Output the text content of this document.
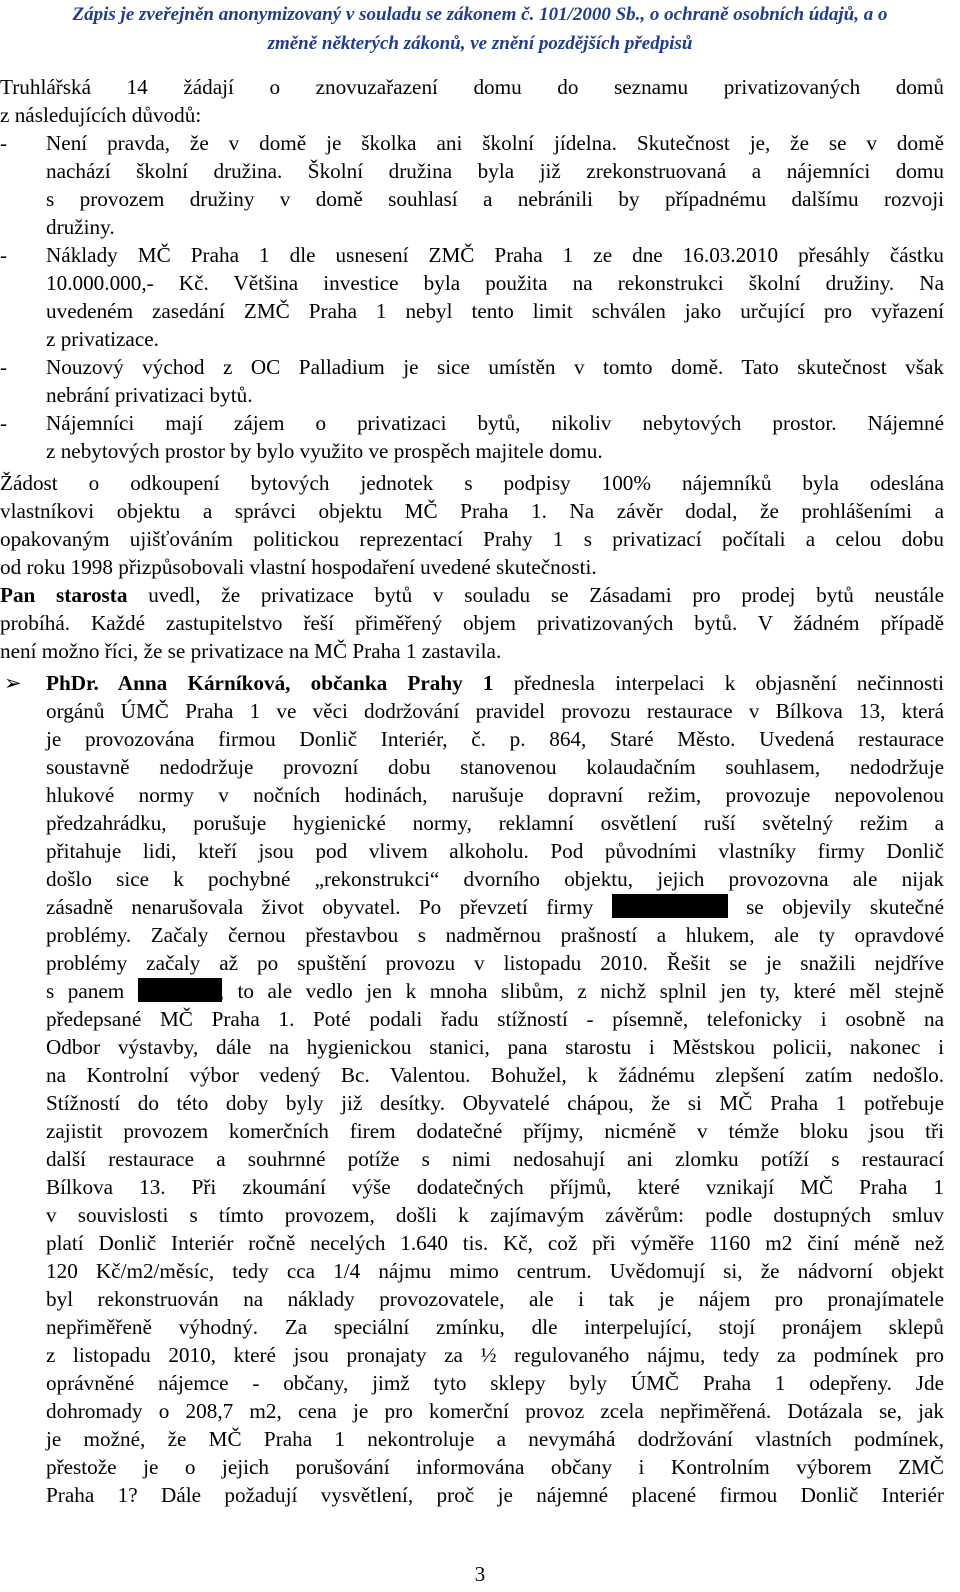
Zápis je zveřejněn anonymizovaný v souladu se zákonem č. 101/2000 Sb., o ochraně osobních údajů, a o
změně některých zákonů, ve znění pozdějších předpisů
Truhlářská 14 žádají o znovuzařazení domu do seznamu privatizovaných domů
z následujících důvodů:
- Není pravda, že v domě je školka ani školní jídelna. Skutečnost je, že se v domě
nachází školní družina. Školní družina byla již zrekonstruovaná a nájemníci domu
s provozem družiny v domě souhlasí a nebránili by případnému dalšímu rozvoji
družiny.
- Náklady MČ Praha 1 dle usnesení ZMČ Praha 1 ze dne 16.03.2010 přesáhly částku
10.000.000,- Kč. Většina investice byla použita na rekonstrukci školní družiny. Na
uvedeném zasedání ZMČ Praha 1 nebyl tento limit schválen jako určující pro vyřazení
z privatizace.
- Nouzový východ z OC Palladium je sice umístěn v tomto domě. Tato skutečnost však
nebrání privatizaci bytů.
- Nájemníci mají zájem o privatizaci bytů, nikoliv nebytových prostor. Nájemné
z nebytových prostor by bylo využito ve prospěch majitele domu.
Žádost o odkoupení bytových jednotek s podpisy 100% nájemníků byla odeslána
vlastníkovi objektu a správci objektu MČ Praha 1. Na závěr dodal, že prohlášeními a
opakovaným ujišťováním politickou reprezentací Prahy 1 s privatizací počítali a celou dobu
od roku 1998 přizpůsobovali vlastní hospodaření uvedené skutečnosti.
Pan starosta uvedl, že privatizace bytů v souladu se Zásadami pro prodej bytů neustále
probíhá. Každé zastupitelstvo řeší přiměřený objem privatizovaných bytů. V žádném případě
není možno říci, že se privatizace na MČ Praha 1 zastavila.
➢ PhDr. Anna Kárníková, občanka Prahy 1 přednesla interpelaci k objasnění nečinnosti
orgánů ÚMČ Praha 1 ve věci dodržování pravidel provozu restaurace v Bílkova 13, která
je provozována firmou Donlič Interiér, č. p. 864, Staré Město. Uvedená restaurace
soustavně nedodržuje provozní dobu stanovenou kolaudačním souhlasem, nedodržuje
hlukové normy v nočních hodinách, narušuje dopravní režim, provozuje nepovolenou
předzahrádku, porušuje hygienické normy, reklamní osvětlení ruší světelný režim a
přitahuje lidi, kteří jsou pod vlivem alkoholu. Pod původními vlastníky firmy Donlič
došlo sice k pochybné „rekonstrukci“ dvorního objektu, jejich provozovna ale nijak
zásadně nenarušovala život obyvatel. Po převzetí firmy	se objevily skutečné
problémy. Začaly černou přestavbou s nadměrnou prašností a hlukem, ale ty opravdové
problémy začaly až po spuštění provozu v listopadu 2010. Řešit se je snažili nejdříve
s panem	, to ale vedlo jen k mnoha slibům, z nichž splnil jen ty, které měl stejně
předepsané MČ Praha 1. Poté podali řadu stížností - písemně, telefonicky i osobně na
Odbor výstavby, dále na hygienickou stanici, pana starostu i Městskou policii, nakonec i
na Kontrolní výbor vedený Bc. Valentou. Bohužel, k žádnému zlepšení zatím nedošlo.
Stížností do této doby byly již desítky. Obyvatelé chápou, že si MČ Praha 1 potřebuje
zajistit provozem komerčních firem dodatečné příjmy, nicméně v témže bloku jsou tři
další restaurace a souhrnné potíže s nimi nedosahují ani zlomku potíží s restaurací
Bílkova 13. Při zkoumání výše dodatečných příjmů, které vznikají MČ Praha 1
v souvislosti s tímto provozem, došli k zajímavým závěrům: podle dostupných smluv
platí Donlič Interiér ročně necelých 1.640 tis. Kč, což při výměře 1160 m2 činí méně než
120 Kč/m2/měsíc, tedy cca 1/4 nájmu mimo centrum. Uvědomují si, že nádvorní objekt
byl rekonstruován na náklady provozovatele, ale i tak je nájem pro pronajímatele
nepřiměřeně výhodný. Za speciální zmínku, dle interpelující, stojí pronájem sklepů
z listopadu 2010, které jsou pronajaty za ½ regulovaného nájmu, tedy za podmínek pro
oprávněné nájemce - občany, jimž tyto sklepy byly ÚMČ Praha 1 odepřeny. Jde
dohromady o 208,7 m2, cena je pro komerční provoz zcela nepřiměřená. Dotázala se, jak
je možné, že MČ Praha 1 nekontroluje a nevymáhá dodržování vlastních podmínek,
přestože je o jejich porušování informována občany i Kontrolním výborem ZMČ
Praha 1? Dále požadují vysvětlení, proč je nájemné placené firmou Donlič Interiér
3
